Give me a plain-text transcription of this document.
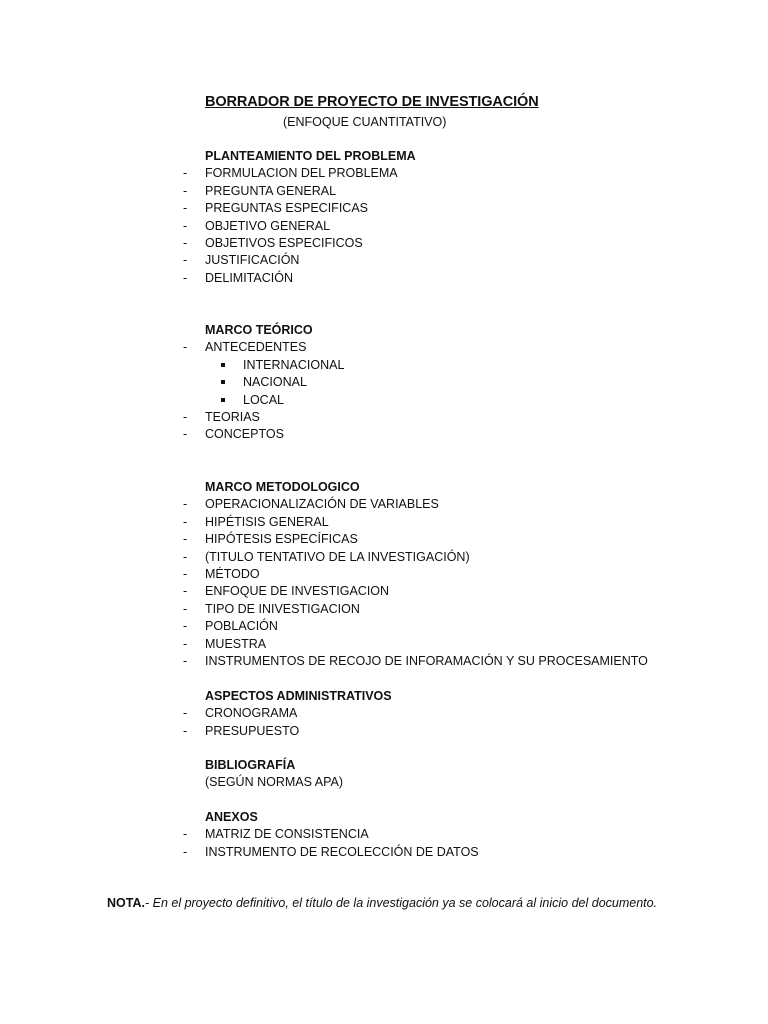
BORRADOR DE PROYECTO DE INVESTIGACIÓN
(ENFOQUE CUANTITATIVO)
PLANTEAMIENTO DEL PROBLEMA
-	FORMULACION DEL PROBLEMA
-	PREGUNTA GENERAL
-	PREGUNTAS ESPECIFICAS
-	OBJETIVO GENERAL
-	OBJETIVOS ESPECIFICOS
-	JUSTIFICACIÓN
-	DELIMITACIÓN
MARCO TEÓRICO
-	ANTECEDENTES
INTERNACIONAL
NACIONAL
LOCAL
-	TEORIAS
-	CONCEPTOS
MARCO METODOLOGICO
-	OPERACIONALIZACIÓN DE VARIABLES
-	HIPÉTISIS GENERAL
-	HIPÓTESIS ESPECÍFICAS
-	(TITULO TENTATIVO DE LA INVESTIGACIÓN)
-	MÉTODO
-	ENFOQUE DE INVESTIGACION
-	TIPO DE INIVESTIGACION
-	POBLACIÓN
-	MUESTRA
-	INSTRUMENTOS DE RECOJO DE INFORAMACIÓN Y SU PROCESAMIENTO
ASPECTOS ADMINISTRATIVOS
-	CRONOGRAMA
-	PRESUPUESTO
BIBLIOGRAFÍA
(SEGÚN NORMAS APA)
ANEXOS
-	MATRIZ DE CONSISTENCIA
-	INSTRUMENTO DE RECOLECCIÓN DE DATOS
NOTA.- En el proyecto definitivo, el título de la investigación ya se colocará al inicio del documento.
